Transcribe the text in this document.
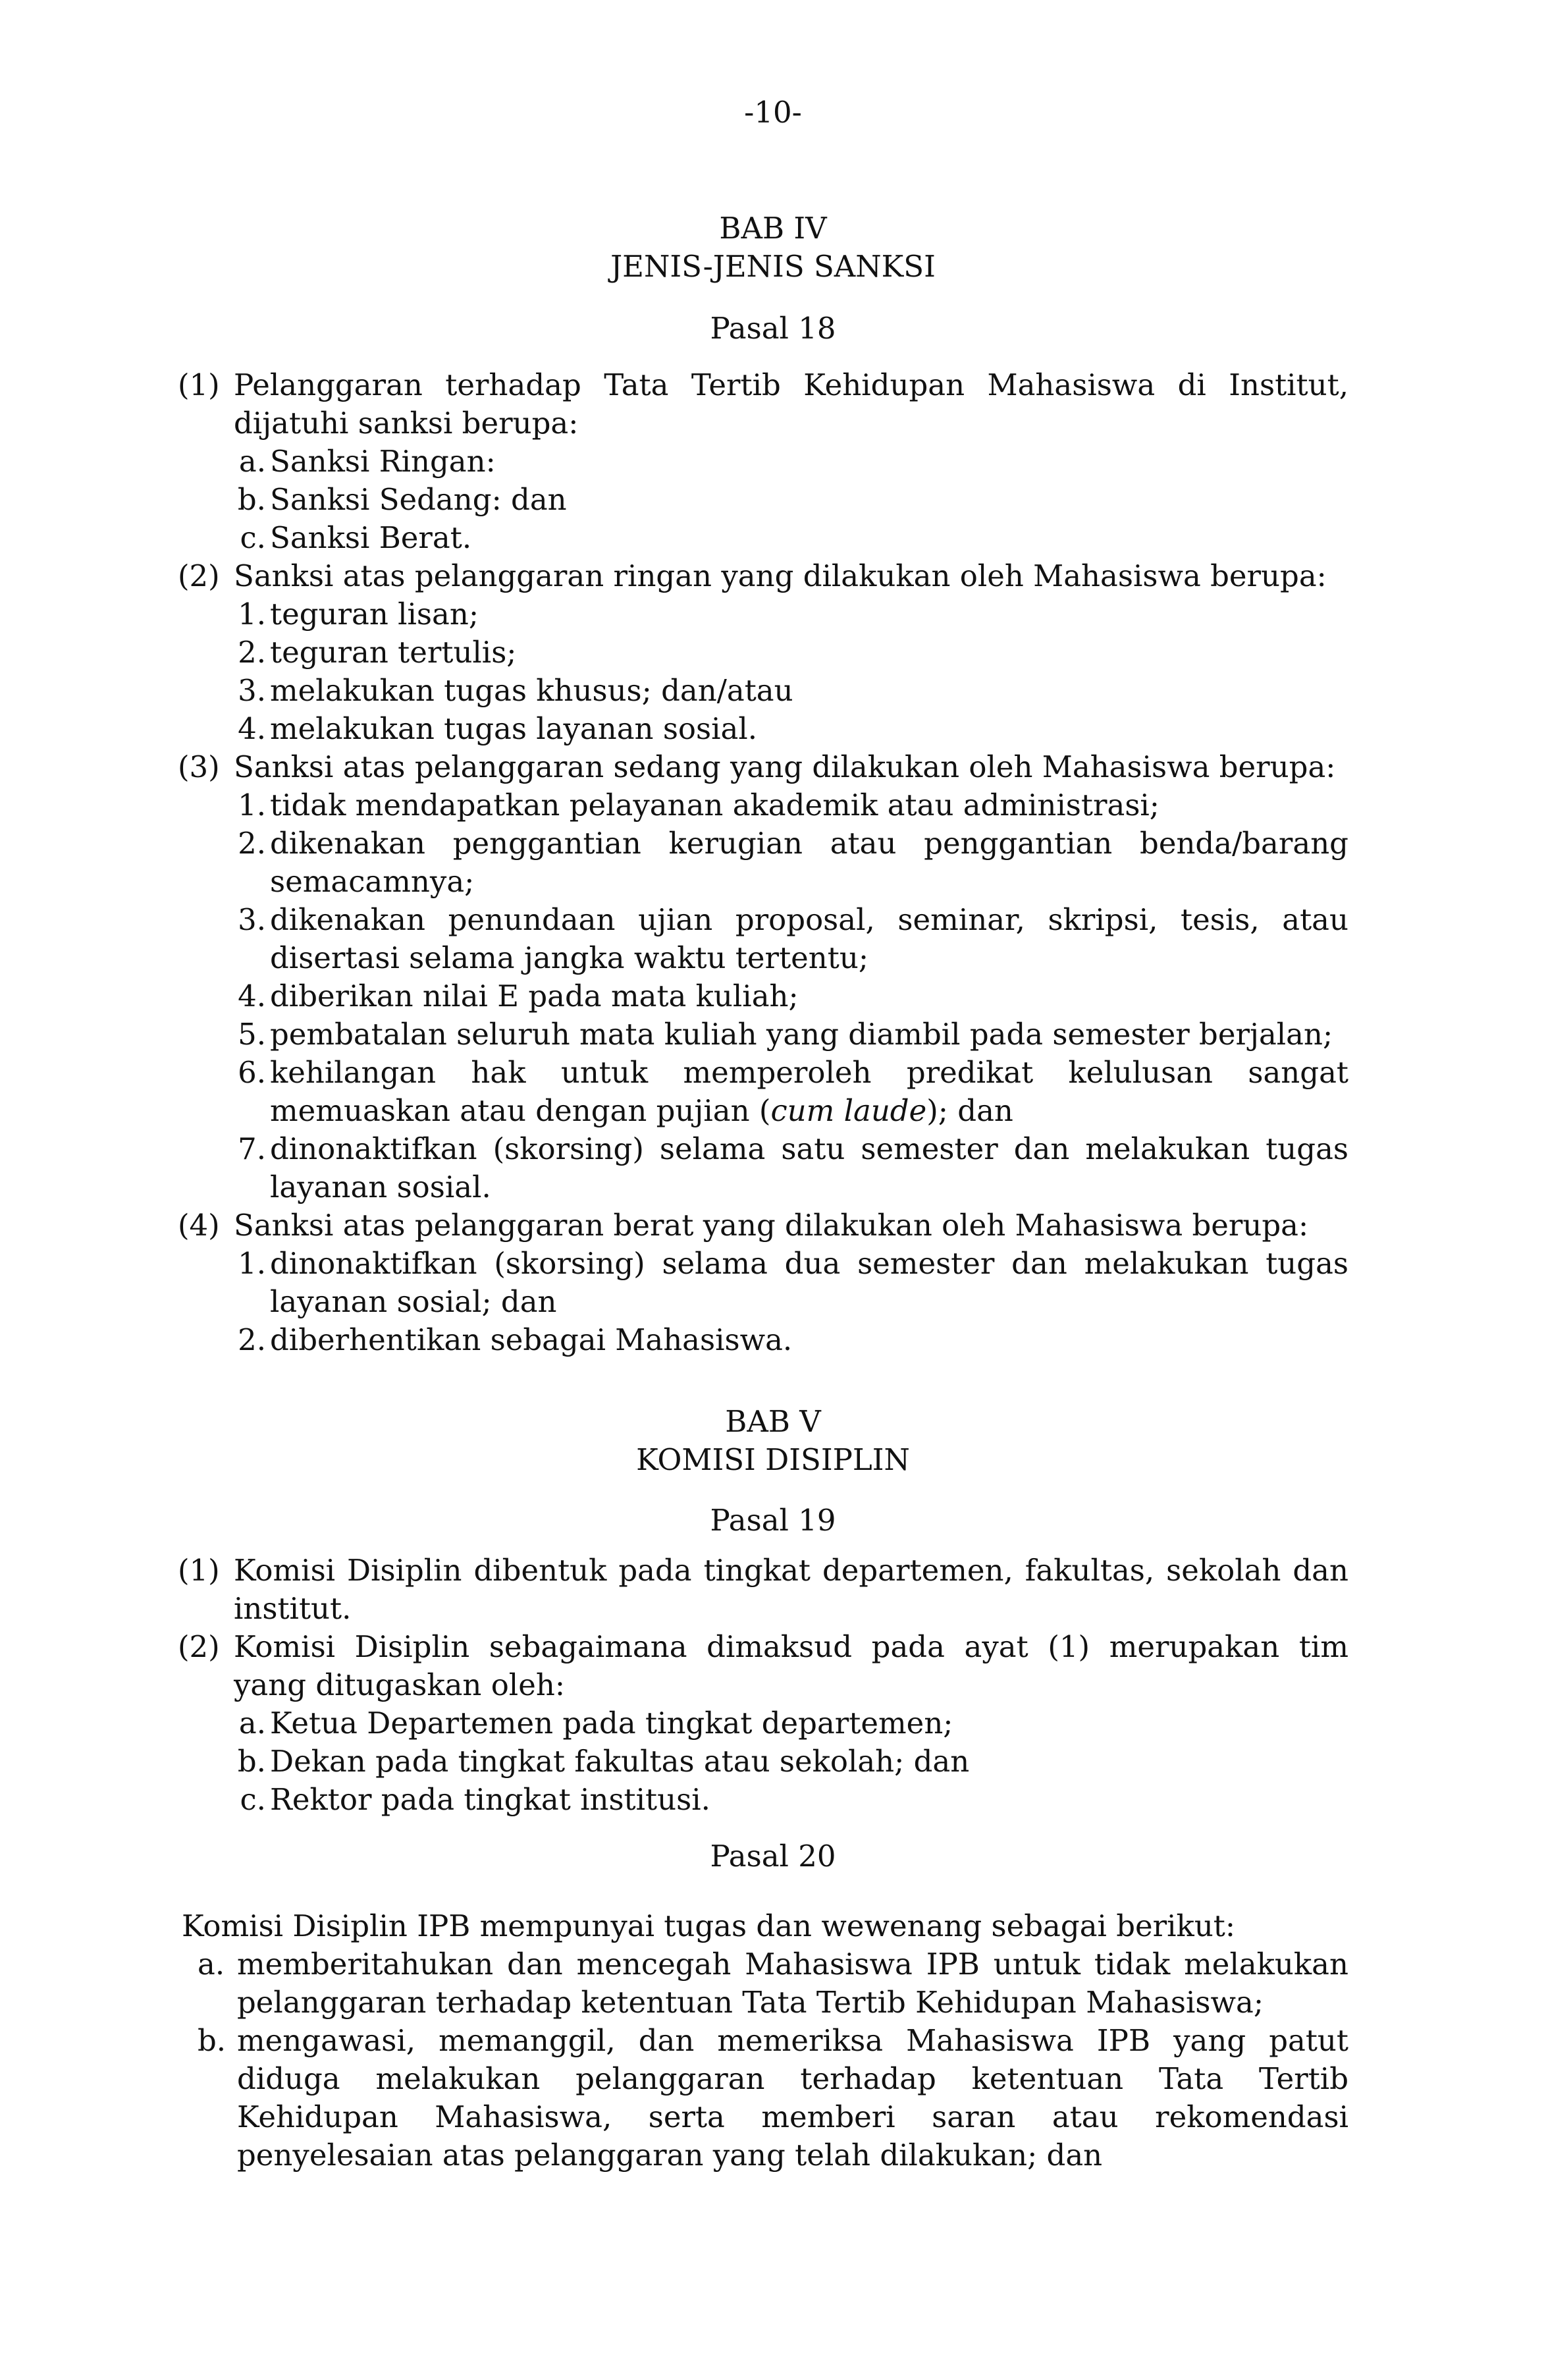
-10-
BAB IV
JENIS-JENIS SANKSI
Pasal 18
(1) Pelanggaran terhadap Tata Tertib Kehidupan Mahasiswa di Institut, dijatuhi sanksi berupa:
a. Sanksi Ringan:
b. Sanksi Sedang: dan
c. Sanksi Berat.
(2) Sanksi atas pelanggaran ringan yang dilakukan oleh Mahasiswa berupa:
1. teguran lisan;
2. teguran tertulis;
3. melakukan tugas khusus; dan/atau
4. melakukan tugas layanan sosial.
(3) Sanksi atas pelanggaran sedang yang dilakukan oleh Mahasiswa berupa:
1. tidak mendapatkan pelayanan akademik atau administrasi;
2. dikenakan penggantian kerugian atau penggantian benda/barang semacamnya;
3. dikenakan penundaan ujian proposal, seminar, skripsi, tesis, atau disertasi selama jangka waktu tertentu;
4. diberikan nilai E pada mata kuliah;
5. pembatalan seluruh mata kuliah yang diambil pada semester berjalan;
6. kehilangan hak untuk memperoleh predikat kelulusan sangat memuaskan atau dengan pujian (cum laude); dan
7. dinonaktifkan (skorsing) selama satu semester dan melakukan tugas layanan sosial.
(4) Sanksi atas pelanggaran berat yang dilakukan oleh Mahasiswa berupa:
1. dinonaktifkan (skorsing) selama dua semester dan melakukan tugas layanan sosial; dan
2. diberhentikan sebagai Mahasiswa.
BAB V
KOMISI DISIPLIN
Pasal 19
(1) Komisi Disiplin dibentuk pada tingkat departemen, fakultas, sekolah dan institut.
(2) Komisi Disiplin sebagaimana dimaksud pada ayat (1) merupakan tim yang ditugaskan oleh:
a. Ketua Departemen pada tingkat departemen;
b. Dekan pada tingkat fakultas atau sekolah; dan
c. Rektor pada tingkat institusi.
Pasal 20
Komisi Disiplin IPB mempunyai tugas dan wewenang sebagai berikut:
a. memberitahukan dan mencegah Mahasiswa IPB untuk tidak melakukan pelanggaran terhadap ketentuan Tata Tertib Kehidupan Mahasiswa;
b. mengawasi, memanggil, dan memeriksa Mahasiswa IPB yang patut diduga melakukan pelanggaran terhadap ketentuan Tata Tertib Kehidupan Mahasiswa, serta memberi saran atau rekomendasi penyelesaian atas pelanggaran yang telah dilakukan; dan
